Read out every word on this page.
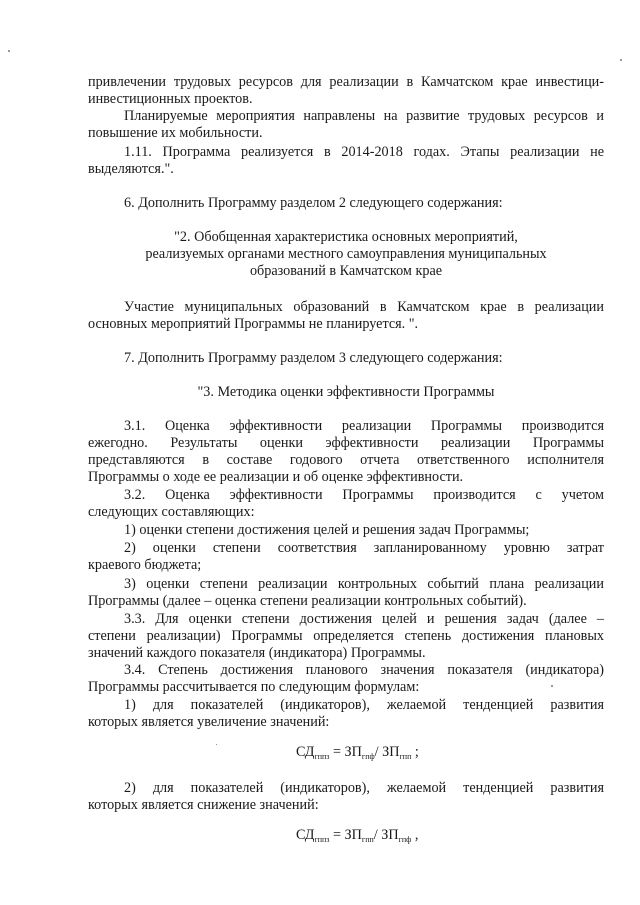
привлечении трудовых ресурсов для реализации в Камчатском крае инвестици-
инвестиционных проектов.
Планируемые мероприятия направлены на развитие трудовых ресурсов и
повышение их мобильности.
1.11. Программа реализуется в 2014-2018 годах. Этапы реализации не
выделяются.".
6. Дополнить Программу разделом 2 следующего содержания:
"2. Обобщенная характеристика основных мероприятий,
реализуемых органами местного самоуправления муниципальных
образований в Камчатском крае
Участие муниципальных образований в Камчатском крае в реализации
основных мероприятий Программы не планируется. ".
7. Дополнить Программу разделом 3 следующего содержания:
"3. Методика оценки эффективности Программы
3.1. Оценка эффективности реализации Программы производится
ежегодно. Результаты оценки эффективности реализации Программы
представляются в составе годового отчета ответственного исполнителя
Программы о ходе ее реализации и об оценке эффективности.
3.2. Оценка эффективности Программы производится с учетом
следующих составляющих:
1) оценки степени достижения целей и решения задач Программы;
2) оценки степени соответствия запланированному уровню затрат
краевого бюджета;
3) оценки степени реализации контрольных событий плана реализации
Программы (далее – оценка степени реализации контрольных событий).
3.3. Для оценки степени достижения целей и решения задач (далее –
степени реализации) Программы определяется степень достижения плановых
значений каждого показателя (индикатора) Программы.
3.4. Степень достижения планового значения показателя (индикатора)
Программы рассчитывается по следующим формулам:
1) для показателей (индикаторов), желаемой тенденцией развития
которых является увеличение значений:
$СД_{гппз} = ЗП_{гпф}/$ $ЗП_{гпп}$ ;
2) для показателей (индикаторов), желаемой тенденцией развития
которых является снижение значений:
$СД_{гппз} = ЗП_{гпп}/$ $ЗП_{гпф}$ ,
